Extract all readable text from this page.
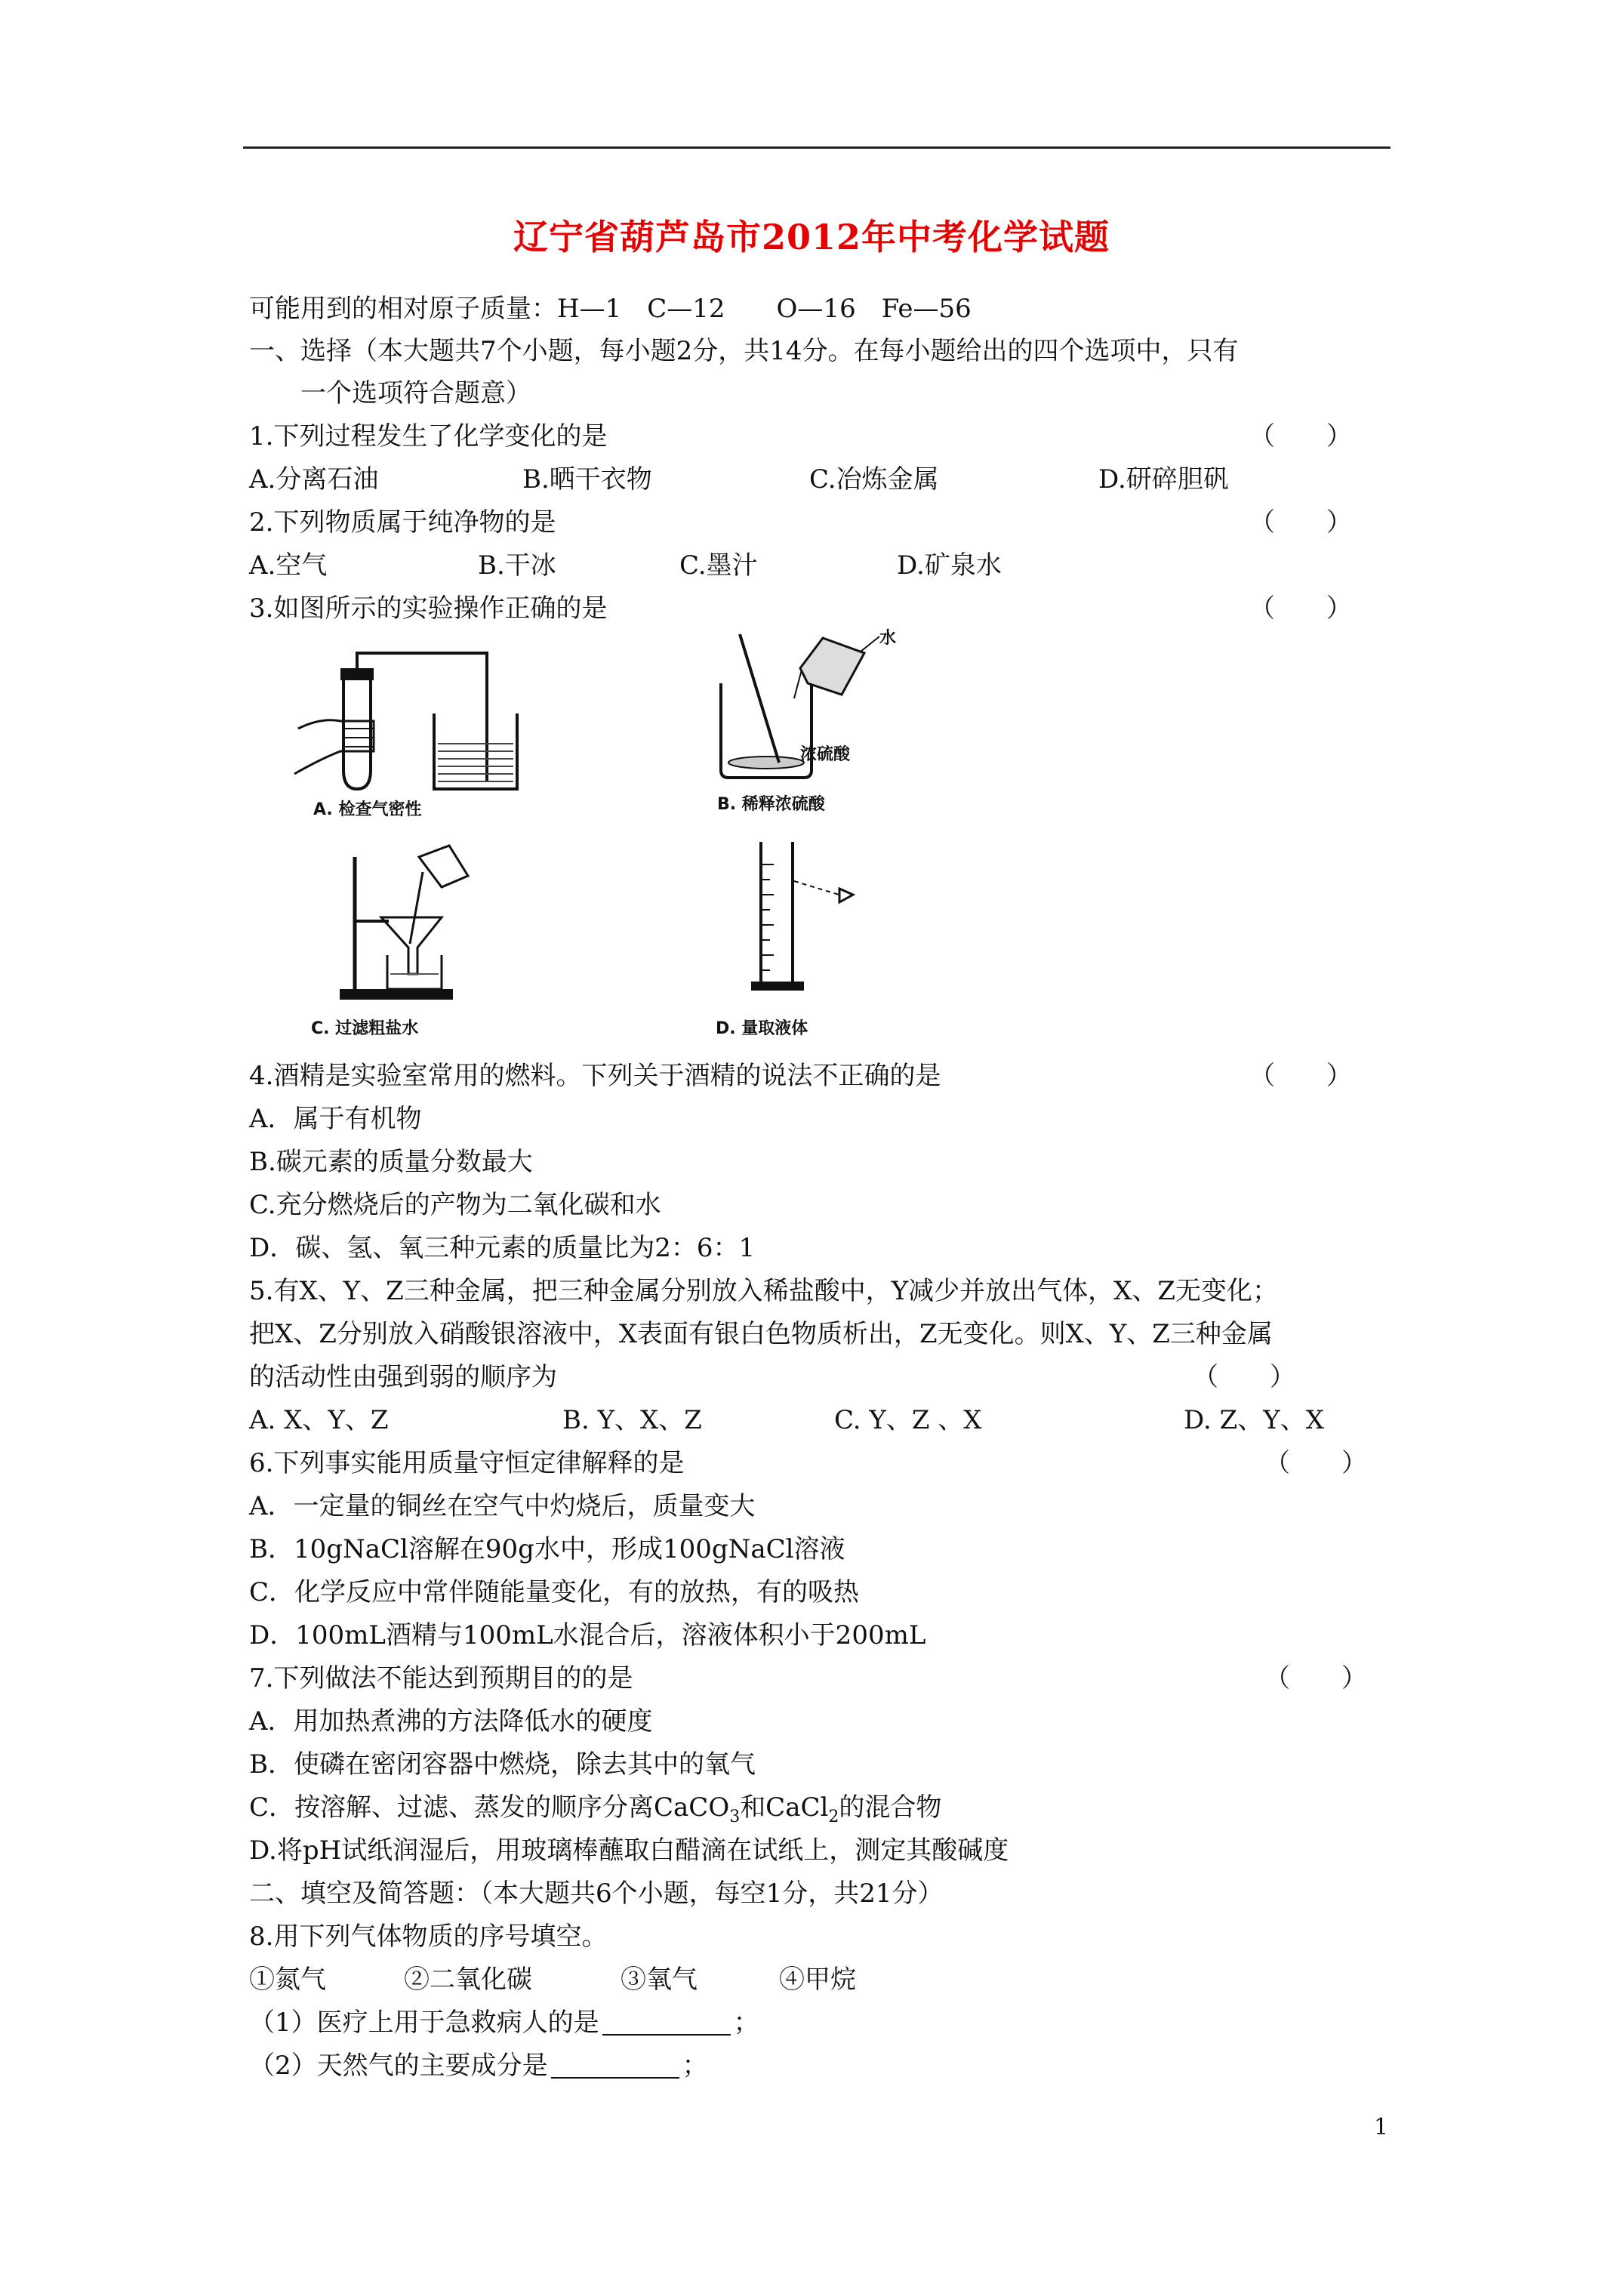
辽宁省葫芦岛市2012年中考化学试题
可能用到的相对原子质量：H—1　C—12　　O—16　Fe—56
一、选择（本大题共7个小题，每小题2分，共14分。在每小题给出的四个选项中，只有
一个选项符合题意）
1.下列过程发生了化学变化的是	（　　）
A.分离石油	B.晒干衣物	C.冶炼金属	D.研碎胆矾
2.下列物质属于纯净物的是	（　　）
A.空气	B.干冰	C.墨汁	D.矿泉水
3.如图所示的实验操作正确的是	（　　）
A. 检查气密性
水
浓硫酸
B. 稀释浓硫酸
C. 过滤粗盐水	D. 量取液体
4.酒精是实验室常用的燃料。下列关于酒精的说法不正确的是	（　　）
A．属于有机物
B.碳元素的质量分数最大
C.充分燃烧后的产物为二氧化碳和水
D．碳、氢、氧三种元素的质量比为2：6：1
5.有X、Y、Z三种金属，把三种金属分别放入稀盐酸中，Y减少并放出气体，X、Z无变化；
把X、Z分别放入硝酸银溶液中，X表面有银白色物质析出，Z无变化。则X、Y、Z三种金属
的活动性由强到弱的顺序为	（　　）
A. X、Y、Z	B. Y、X、Z	C. Y、Z 、X	D. Z、Y、X
6.下列事实能用质量守恒定律解释的是	（　　）
A．一定量的铜丝在空气中灼烧后，质量变大
B．10gNaCl溶解在90g水中，形成100gNaCl溶液
C．化学反应中常伴随能量变化，有的放热，有的吸热
D．100mL酒精与100mL水混合后，溶液体积小于200mL
7.下列做法不能达到预期目的的是	（　　）
A．用加热煮沸的方法降低水的硬度
B．使磷在密闭容器中燃烧，除去其中的氧气
C．按溶解、过滤、蒸发的顺序分离CaCO$_3$和CaCl$_2$的混合物
D.将pH试纸润湿后，用玻璃棒蘸取白醋滴在试纸上，测定其酸碱度
二、填空及简答题：（本大题共6个小题，每空1分，共21分）
8.用下列气体物质的序号填空。
①氮气	②二氧化碳	③氧气	④甲烷
（1）医疗上用于急救病人的是	；
（2）天然气的主要成分是	；
1
